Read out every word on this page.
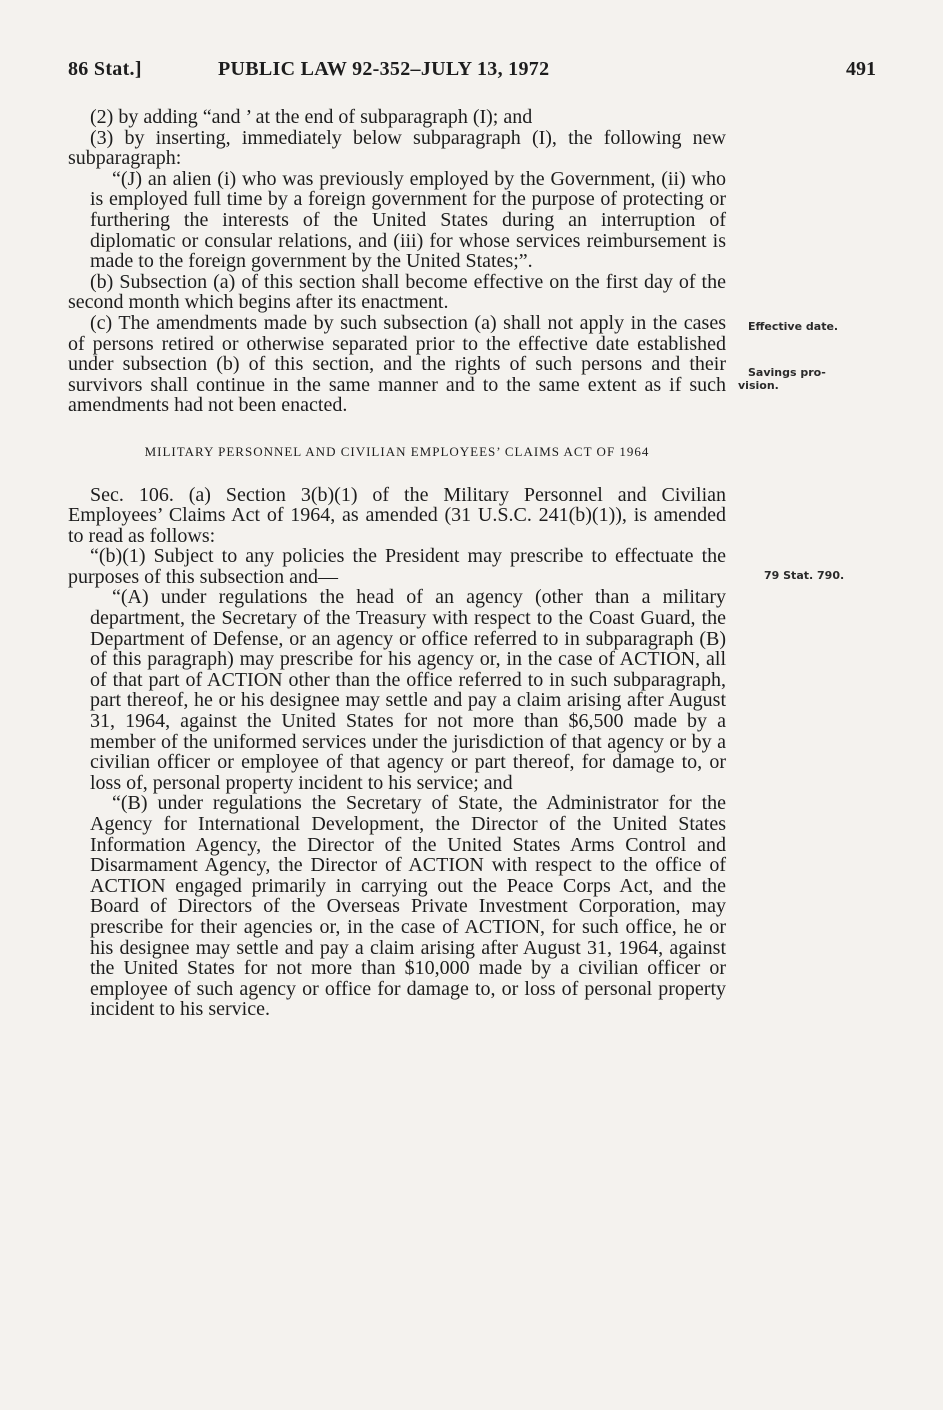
86 Stat.]	PUBLIC LAW 92-352–JULY 13, 1972	491

(2) by adding “and ’ at the end of subparagraph (I); and

(3) by inserting, immediately below subparagraph (I), the following new subparagraph:

“(J) an alien (i) who was previously employed by the Government, (ii) who is employed full time by a foreign government for the purpose of protecting or furthering the interests of the United States during an interruption of diplomatic or consular relations, and (iii) for whose services reimbursement is made to the foreign government by the United States;”.

(b) Subsection (a) of this section shall become effective on the first day of the second month which begins after its enactment.

(c) The amendments made by such subsection (a) shall not apply in the cases of persons retired or otherwise separated prior to the effective date established under subsection (b) of this section, and the rights of such persons and their survivors shall continue in the same manner and to the same extent as if such amendments had not been enacted.

MILITARY PERSONNEL AND CIVILIAN EMPLOYEES’ CLAIMS ACT OF 1964

Sec. 106. (a) Section 3(b)(1) of the Military Personnel and Civilian Employees’ Claims Act of 1964, as amended (31 U.S.C. 241(b)(1)), is amended to read as follows:

“(b)(1) Subject to any policies the President may prescribe to effectuate the purposes of this subsection and—

“(A) under regulations the head of an agency (other than a military department, the Secretary of the Treasury with respect to the Coast Guard, the Department of Defense, or an agency or office referred to in subparagraph (B) of this paragraph) may prescribe for his agency or, in the case of ACTION, all of that part of ACTION other than the office referred to in such subparagraph, part thereof, he or his designee may settle and pay a claim arising after August 31, 1964, against the United States for not more than $6,500 made by a member of the uniformed services under the jurisdiction of that agency or by a civilian officer or employee of that agency or part thereof, for damage to, or loss of, personal property incident to his service; and

“(B) under regulations the Secretary of State, the Administrator for the Agency for International Development, the Director of the United States Information Agency, the Director of the United States Arms Control and Disarmament Agency, the Director of ACTION with respect to the office of ACTION engaged primarily in carrying out the Peace Corps Act, and the Board of Directors of the Overseas Private Investment Corporation, may prescribe for their agencies or, in the case of ACTION, for such office, he or his designee may settle and pay a claim arising after August 31, 1964, against the United States for not more than $10,000 made by a civilian officer or employee of such agency or office for damage to, or loss of personal property incident to his service.

Effective date.
Savings pro-
vision.
79 Stat. 790.
